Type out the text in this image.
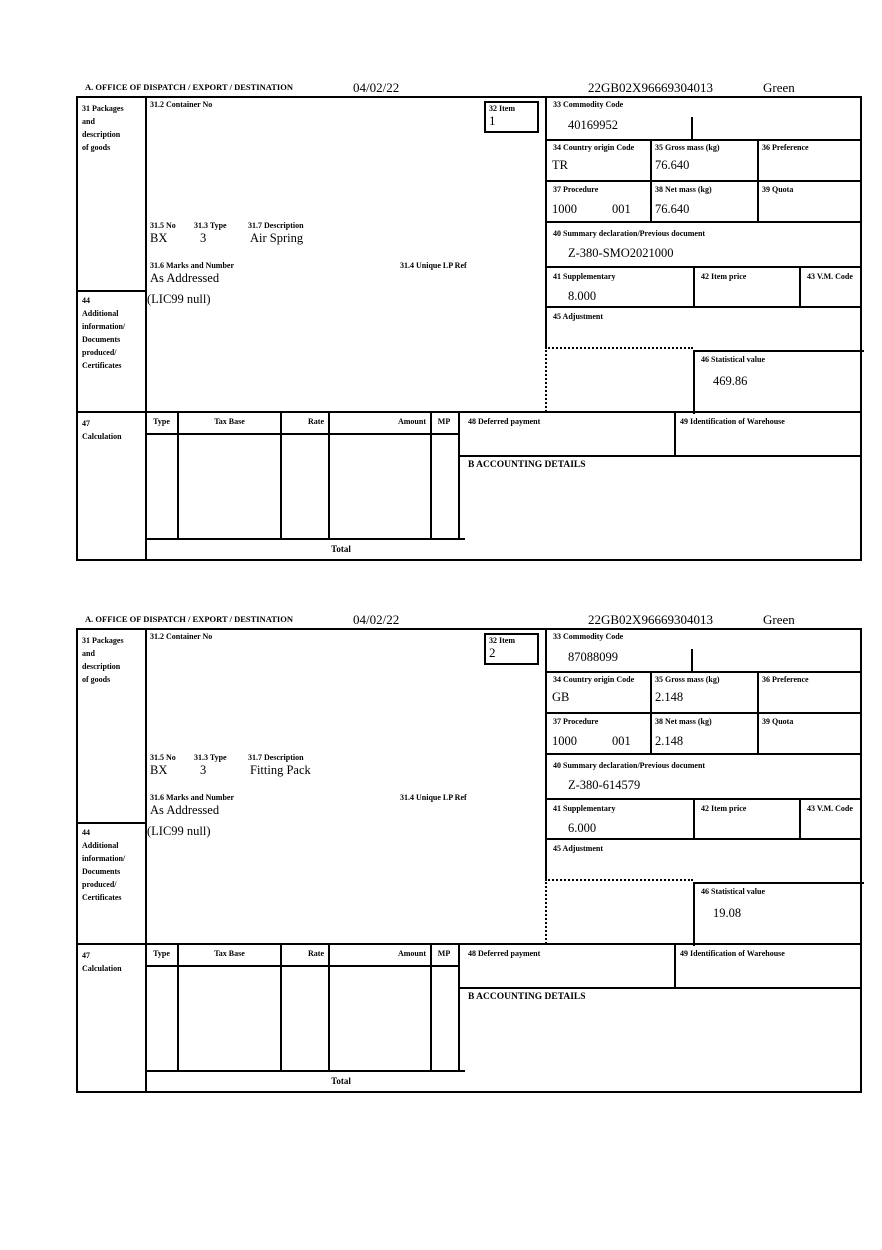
A. OFFICE OF DISPATCH / EXPORT / DESTINATION	04/02/22	22GB02X96669304013	Green
31 Packages
and
description
of goods
31.2 Container No	32 Item
1
33 Commodity Code
40169952
34 Country origin Code
TR
35 Gross mass (kg)
76.640
36 Preference
37 Procedure
1000	001
38 Net mass (kg)
76.640
39 Quota
31.5 No 31.3 Type	31.7 Description
BX	3	Air Spring
31.6 Marks and Number	31.4 Unique LP Ref
As Addressed
40 Summary declaration/Previous document
Z-380-SMO2021000
41 Supplementary
8.000
42 Item price	43 V.M. Code
44
Additional
information/
Documents
produced/
Certificates
(LIC99 null)
45 Adjustment
46 Statistical value
469.86
47
Calculation
Type	Tax Base	Rate	Amount	MP	48 Deferred payment	49 Identification of Warehouse
B ACCOUNTING DETAILS
Total
A. OFFICE OF DISPATCH / EXPORT / DESTINATION	04/02/22	22GB02X96669304013	Green
31 Packages
and
description
of goods
31.2 Container No	32 Item
2
33 Commodity Code
87088099
34 Country origin Code
GB
35 Gross mass (kg)
2.148
36 Preference
37 Procedure
1000	001
38 Net mass (kg)
2.148
39 Quota
31.5 No 31.3 Type	31.7 Description
BX	3	Fitting Pack
31.6 Marks and Number	31.4 Unique LP Ref
As Addressed
40 Summary declaration/Previous document
Z-380-614579
41 Supplementary
6.000
42 Item price	43 V.M. Code
44
Additional
information/
Documents
produced/
Certificates
(LIC99 null)
45 Adjustment
46 Statistical value
19.08
47
Calculation
Type	Tax Base	Rate	Amount	MP	48 Deferred payment	49 Identification of Warehouse
B ACCOUNTING DETAILS
Total
